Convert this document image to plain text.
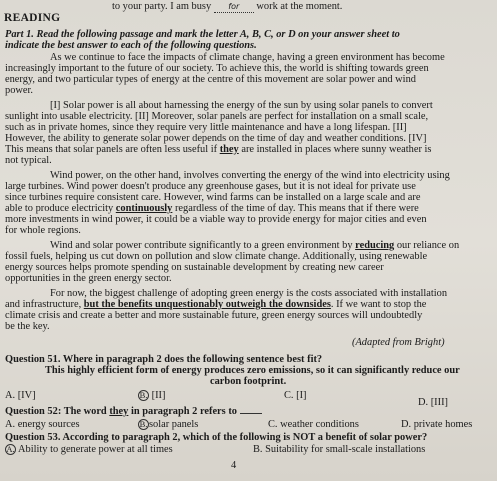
to your party. I am busy for work at the moment.
READING
Part 1. Read the following passage and mark the letter A, B, C, or D on your answer sheet to
indicate the best answer to each of the following questions.
As we continue to face the impacts of climate change, having a green environment has become
increasingly important to the future of our society. To achieve this, the world is shifting towards green
energy, and two particular types of energy at the centre of this movement are solar power and wind
power.
[I] Solar power is all about harnessing the energy of the sun by using solar panels to convert
sunlight into usable electricity. [II] Moreover, solar panels are perfect for installation on a small scale,
such as in private homes, since they require very little maintenance and have a long lifespan. [II]
However, the ability to generate solar power depends on the time of day and weather conditions. [IV]
This means that solar panels are often less useful if they are installed in places where sunny weather is
not typical.
Wind power, on the other hand, involves converting the energy of the wind into electricity using
large turbines. Wind power doesn't produce any greenhouse gases, but it is not ideal for private use
since turbines require consistent care. However, wind farms can be installed on a large scale and are
able to produce electricity continuously regardless of the time of day. This means that if there were
more investments in wind power, it could be a viable way to provide energy for major cities and even
for whole regions.
Wind and solar power contribute significantly to a green environment by reducing our reliance on
fossil fuels, helping us cut down on pollution and slow climate change. Additionally, using renewable
energy sources helps promote spending on sustainable development by creating new career
opportunities in the green energy sector.
For now, the biggest challenge of adopting green energy is the costs associated with installation
and infrastructure, but the benefits unquestionably outweigh the downsides. If we want to stop the
climate crisis and create a better and more sustainable future, green energy sources will undoubtedly
be the key.
(Adapted from Bright)
Question 51. Where in paragraph 2 does the following sentence best fit?
This highly efficient form of energy produces zero emissions, so it can significantly reduce our
carbon footprint.
A. [IV]	B. [II]	C. [I]
D. [III]
Question 52: The word they in paragraph 2 refers to
A. energy sources	B. solar panels	C. weather conditions	D. private homes
Question 53. According to paragraph 2, which of the following is NOT a benefit of solar power?
A. Ability to generate power at all times	B. Suitability for small-scale installations
4
